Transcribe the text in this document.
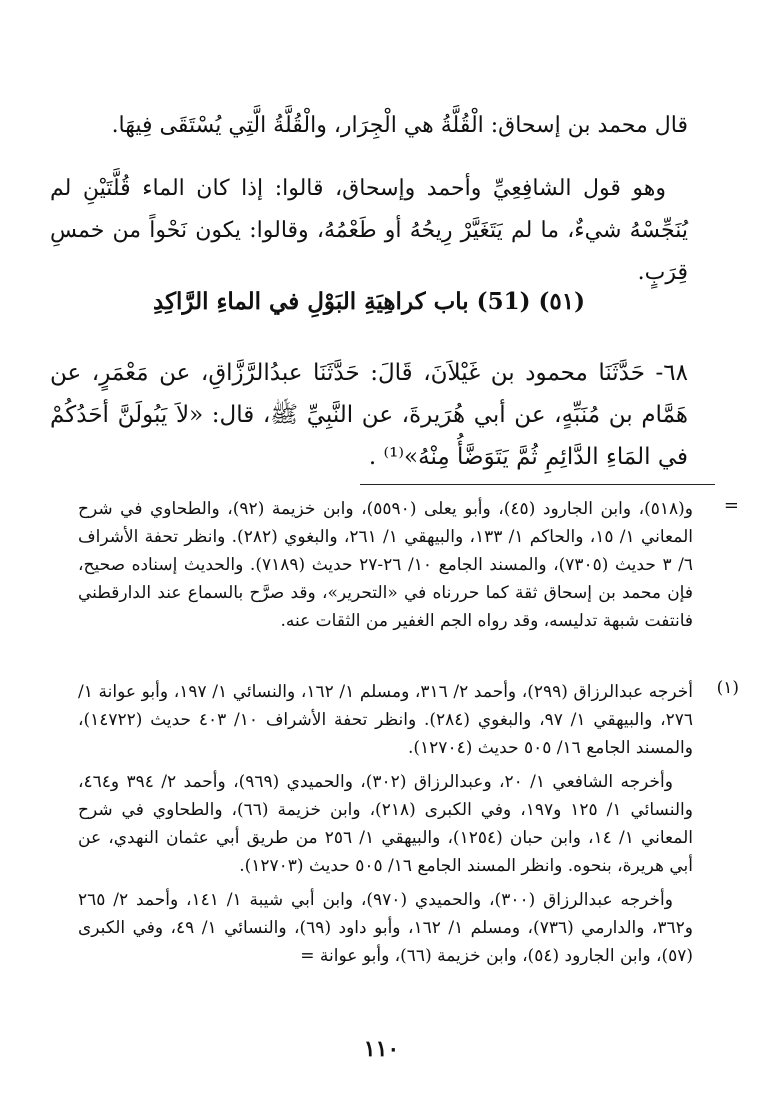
قال محمد بن إسحاق: الْقُلَّةُ هي الْجِرَار، والْقُلَّةُ الَّتِي يُسْتَقَى فِيهَا.
وهو قول الشافِعِيِّ وأحمد وإسحاق، قالوا: إذا كان الماء قُلَّتَيْنِ لم يُنَجِّسْهُ شيءٌ، ما لم يَتَغَيَّرْ رِيحُهُ أو طَعْمُهُ، وقالوا: يكون نَحْواً من خمسِ قِرَبٍ.
(٥١) (51) باب كراهِيَةِ البَوْلِ في الماءِ الرَّاكِدِ
٦٨- حَدَّثَنَا محمود بن غَيْلاَنَ، قَالَ: حَدَّثَنَا عبدُالرَّزَّاقِ، عن مَعْمَرٍ، عن هَمَّام بن مُنَبِّهٍ، عن أبي هُرَيرةَ، عن النَّبِيِّ ﷺ، قال: «لاَ يَبُولَنَّ أحَدُكُمْ في المَاءِ الدَّائِمِ ثُمَّ يَتَوَضَّأُ مِنْهُ»⁽¹⁾ .
=
و(٥١٨)، وابن الجارود (٤٥)، وأبو يعلى (٥٥٩٠)، وابن خزيمة (٩٢)، والطحاوي في شرح المعاني ١/ ١٥، والحاكم ١/ ١٣٣، والبيهقي ١/ ٢٦١، والبغوي (٢٨٢). وانظر تحفة الأشراف ٦/ ٣ حديث (٧٣٠٥)، والمسند الجامع ١٠/ ٢٦-٢٧ حديث (٧١٨٩). والحديث إسناده صحيح، فإن محمد بن إسحاق ثقة كما حررناه في «التحرير»، وقد صرَّح بالسماع عند الدارقطني فانتفت شبهة تدليسه، وقد رواه الجم الغفير من الثقات عنه.
(١)

أخرجه عبدالرزاق (٢٩٩)، وأحمد ٢/ ٣١٦، ومسلم ١/ ١٦٢، والنسائي ١/ ١٩٧، وأبو عوانة ١/ ٢٧٦، والبيهقي ١/ ٩٧، والبغوي (٢٨٤). وانظر تحفة الأشراف ١٠/ ٤٠٣ حديث (١٤٧٢٢)، والمسند الجامع ١٦/ ٥٠٥ حديث (١٢٧٠٤).

وأخرجه الشافعي ١/ ٢٠، وعبدالرزاق (٣٠٢)، والحميدي (٩٦٩)، وأحمد ٢/ ٣٩٤ و٤٦٤، والنسائي ١/ ١٢٥ و١٩٧، وفي الكبرى (٢١٨)، وابن خزيمة (٦٦)، والطحاوي في شرح المعاني ١/ ١٤، وابن حبان (١٢٥٤)، والبيهقي ١/ ٢٥٦ من طريق أبي عثمان النهدي، عن أبي هريرة، بنحوه. وانظر المسند الجامع ١٦/ ٥٠٥ حديث (١٢٧٠٣).

وأخرجه عبدالرزاق (٣٠٠)، والحميدي (٩٧٠)، وابن أبي شيبة ١/ ١٤١، وأحمد ٢/ ٢٦٥ و٣٦٢، والدارمي (٧٣٦)، ومسلم ١/ ١٦٢، وأبو داود (٦٩)، والنسائي ١/ ٤٩، وفي الكبرى (٥٧)، وابن الجارود (٥٤)، وابن خزيمة (٦٦)، وأبو عوانة =

١١٠
